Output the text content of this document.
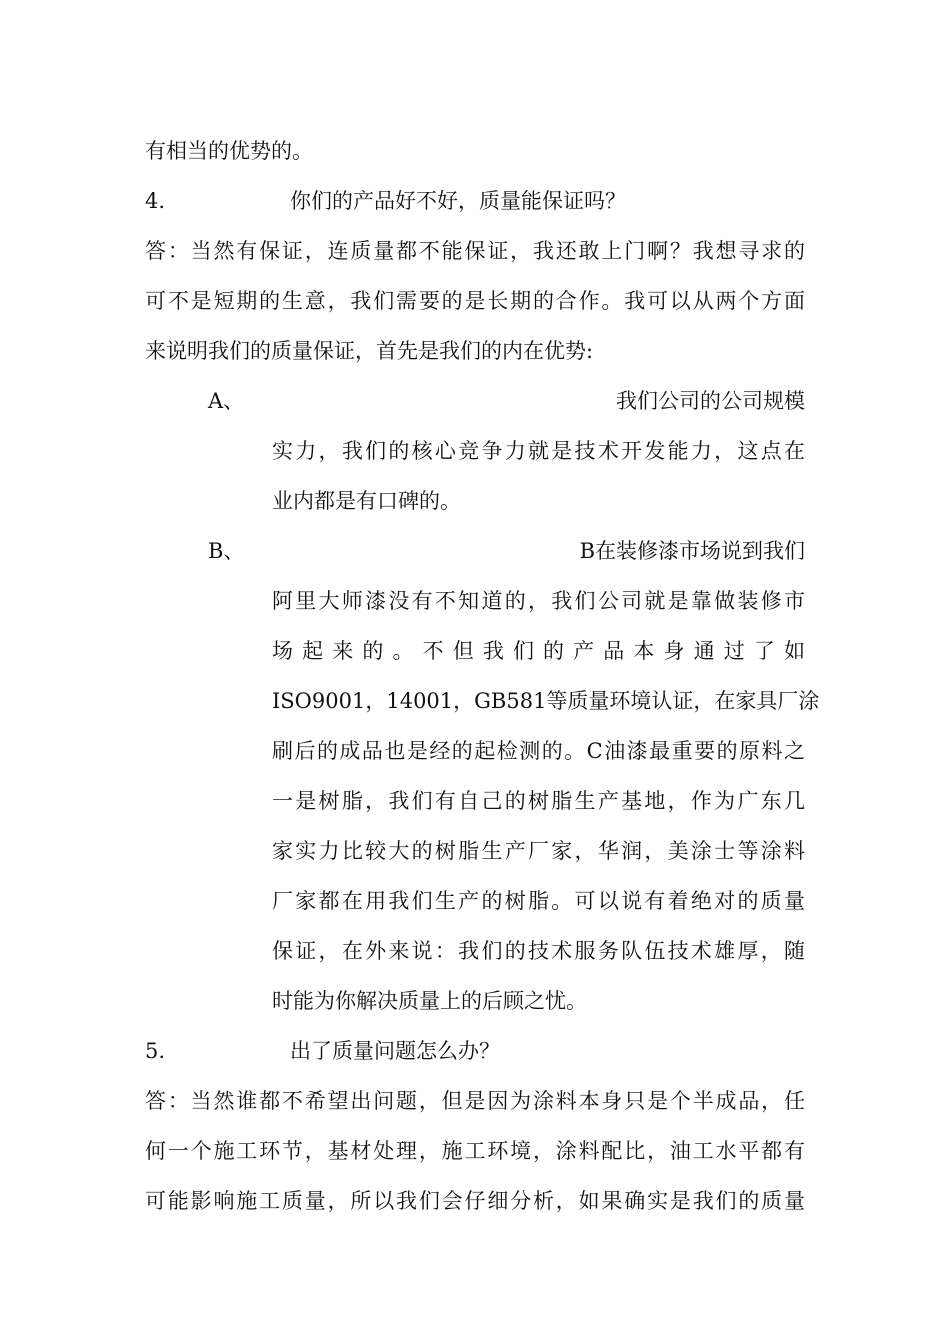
有相当的优势的。
4.	你们的产品好不好，质量能保证吗？
答：当然有保证，连质量都不能保证，我还敢上门啊？我想寻求的
可不是短期的生意，我们需要的是长期的合作。我可以从两个方面
来说明我们的质量保证，首先是我们的内在优势:
A、	我们公司的公司规模
实力，我们的核心竞争力就是技术开发能力，这点在
业内都是有口碑的。
B、	B在装修漆市场说到我们
阿里大师漆没有不知道的，我们公司就是靠做装修市
场起来的。不但我们的产品本身通过了如
ISO9001，14001，GB581等质量环境认证，在家具厂涂
刷后的成品也是经的起检测的。C油漆最重要的原料之
一是树脂，我们有自己的树脂生产基地，作为广东几
家实力比较大的树脂生产厂家，华润，美涂士等涂料
厂家都在用我们生产的树脂。可以说有着绝对的质量
保证，在外来说：我们的技术服务队伍技术雄厚，随
时能为你解决质量上的后顾之忧。
5.	出了质量问题怎么办？
答：当然谁都不希望出问题，但是因为涂料本身只是个半成品，任
何一个施工环节，基材处理，施工环境，涂料配比，油工水平都有
可能影响施工质量，所以我们会仔细分析，如果确实是我们的质量
